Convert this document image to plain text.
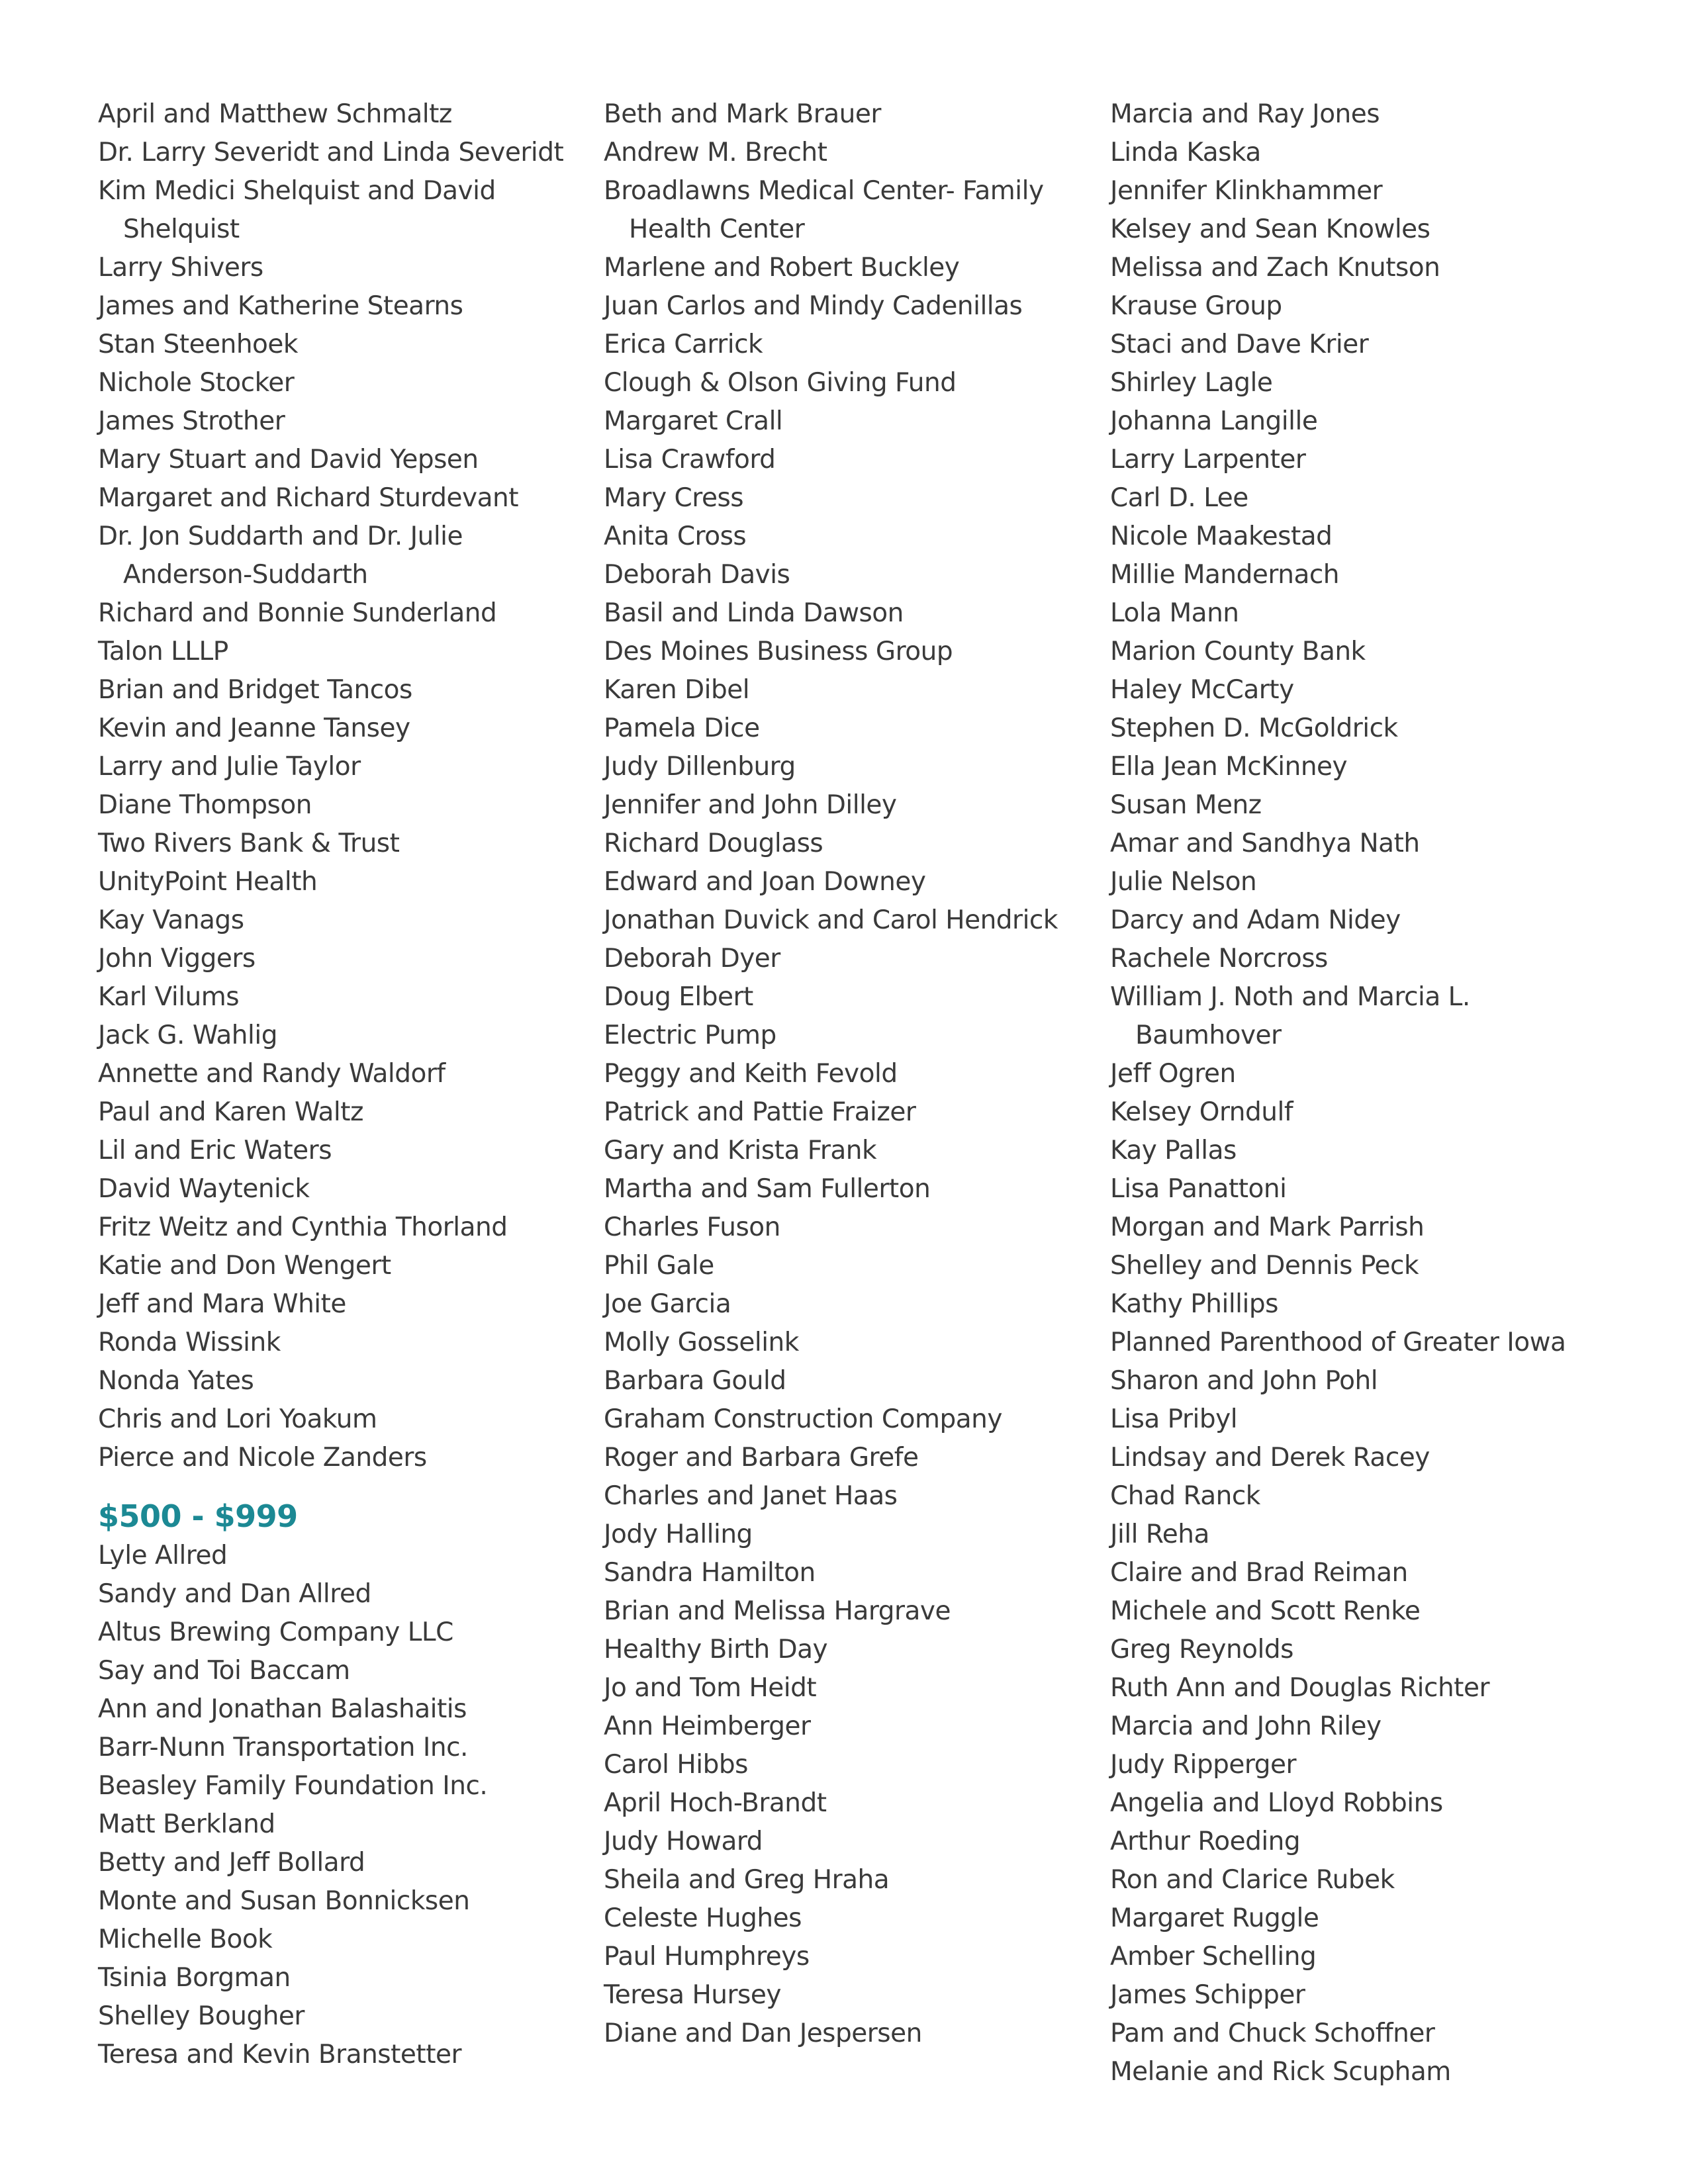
April and Matthew Schmaltz
Dr. Larry Severidt and Linda Severidt
Kim Medici Shelquist and David Shelquist
Larry Shivers
James and Katherine Stearns
Stan Steenhoek
Nichole Stocker
James Strother
Mary Stuart and David Yepsen
Margaret and Richard Sturdevant
Dr. Jon Suddarth and Dr. Julie Anderson-Suddarth
Richard and Bonnie Sunderland
Talon LLLP
Brian and Bridget Tancos
Kevin and Jeanne Tansey
Larry and Julie Taylor
Diane Thompson
Two Rivers Bank & Trust
UnityPoint Health
Kay Vanags
John Viggers
Karl Vilums
Jack G. Wahlig
Annette and Randy Waldorf
Paul and Karen Waltz
Lil and Eric Waters
David Waytenick
Fritz Weitz and Cynthia Thorland
Katie and Don Wengert
Jeff and Mara White
Ronda Wissink
Nonda Yates
Chris and Lori Yoakum
Pierce and Nicole Zanders
$500 - $999
Lyle Allred
Sandy and Dan Allred
Altus Brewing Company LLC
Say and Toi Baccam
Ann and Jonathan Balashaitis
Barr-Nunn Transportation Inc.
Beasley Family Foundation Inc.
Matt Berkland
Betty and Jeff Bollard
Monte and Susan Bonnicksen
Michelle Book
Tsinia Borgman
Shelley Bougher
Teresa and Kevin Branstetter
Beth and Mark Brauer
Andrew M. Brecht
Broadlawns Medical Center- Family Health Center
Marlene and Robert Buckley
Juan Carlos and Mindy Cadenillas
Erica Carrick
Clough & Olson Giving Fund
Margaret Crall
Lisa Crawford
Mary Cress
Anita Cross
Deborah Davis
Basil and Linda Dawson
Des Moines Business Group
Karen Dibel
Pamela Dice
Judy Dillenburg
Jennifer and John Dilley
Richard Douglass
Edward and Joan Downey
Jonathan Duvick and Carol Hendrick
Deborah Dyer
Doug Elbert
Electric Pump
Peggy and Keith Fevold
Patrick and Pattie Fraizer
Gary and Krista Frank
Martha and Sam Fullerton
Charles Fuson
Phil Gale
Joe Garcia
Molly Gosselink
Barbara Gould
Graham Construction Company
Roger and Barbara Grefe
Charles and Janet Haas
Jody Halling
Sandra Hamilton
Brian and Melissa Hargrave
Healthy Birth Day
Jo and Tom Heidt
Ann Heimberger
Carol Hibbs
April Hoch-Brandt
Judy Howard
Sheila and Greg Hraha
Celeste Hughes
Paul Humphreys
Teresa Hursey
Diane and Dan Jespersen
Marcia and Ray Jones
Linda Kaska
Jennifer Klinkhammer
Kelsey and Sean Knowles
Melissa and Zach Knutson
Krause Group
Staci and Dave Krier
Shirley Lagle
Johanna Langille
Larry Larpenter
Carl D. Lee
Nicole Maakestad
Millie Mandernach
Lola Mann
Marion County Bank
Haley McCarty
Stephen D. McGoldrick
Ella Jean McKinney
Susan Menz
Amar and Sandhya Nath
Julie Nelson
Darcy and Adam Nidey
Rachele Norcross
William J. Noth and Marcia L. Baumhover
Jeff Ogren
Kelsey Orndulf
Kay Pallas
Lisa Panattoni
Morgan and Mark Parrish
Shelley and Dennis Peck
Kathy Phillips
Planned Parenthood of Greater Iowa
Sharon and John Pohl
Lisa Pribyl
Lindsay and Derek Racey
Chad Ranck
Jill Reha
Claire and Brad Reiman
Michele and Scott Renke
Greg Reynolds
Ruth Ann and Douglas Richter
Marcia and John Riley
Judy Ripperger
Angelia and Lloyd Robbins
Arthur Roeding
Ron and Clarice Rubek
Margaret Ruggle
Amber Schelling
James Schipper
Pam and Chuck Schoffner
Melanie and Rick Scupham
